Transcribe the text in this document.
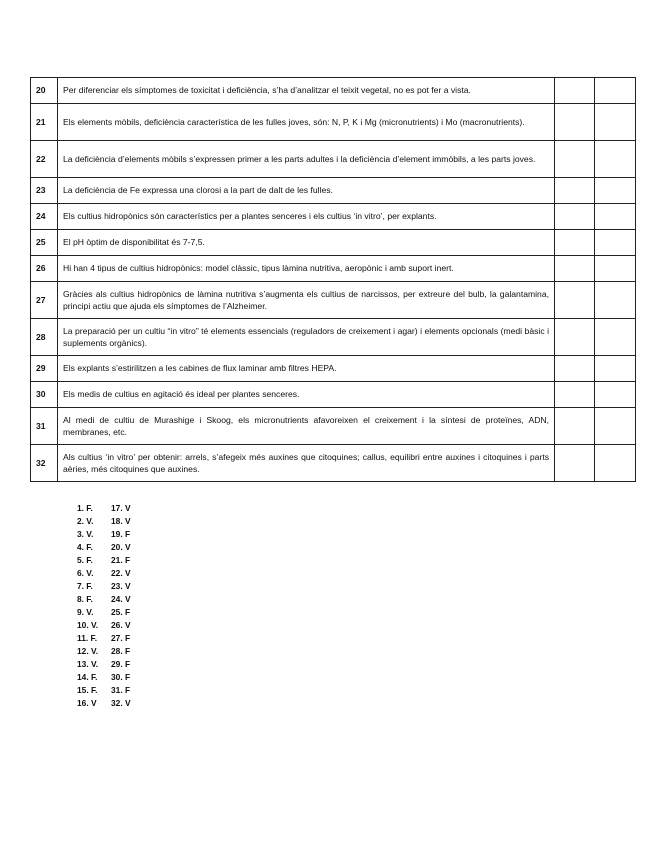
20	Per diferenciar els símptomes de toxicitat i deficiència, s’ha d’analitzar el teixit vegetal, no es pot fer a vista.		
21	Els elements mòbils, deficiència característica de les fulles joves, són: N, P, K i Mg (micronutrients) i Mo (macronutrients).		
22	La deficiència d’elements mòbils s’expressen primer a les parts adultes i la deficiència d’element immòbils, a les parts joves.		
23	La deficiència de Fe expressa una clorosi a la part de dalt de les fulles.		
24	Els cultius hidropònics són característics per a plantes senceres i els cultius ‘in vitro’, per explants.		
25	El pH òptim de disponibilitat és 7-7,5.		
26	Hi han 4 tipus de cultius hidropònics: model clàssic, tipus làmina nutritiva, aeropònic i amb suport inert.		
27	Gràcies als cultius hidropònics de làmina nutritiva s’augmenta els cultius de narcissos, per extreure del bulb, la galantamina, principi actiu que ajuda els símptomes de l’Alzheimer.		
28	La preparació per un cultiu “in vitro” té elements essencials (reguladors de creixement i agar) i elements opcionals (medi bàsic i suplements orgànics).		
29	Els explants s’estirilitzen a les cabines de flux laminar amb filtres HEPA.		
30	Els medis de cultius en agitació és ideal per plantes senceres.		
31	Al medi de cultiu de Murashige i Skoog, els micronutrients afavoreixen el creixement i la síntesi de proteïnes, ADN, membranes, etc.		
32	Als cultius ‘in vitro’ per obtenir: arrels, s’afegeix més auxines que citoquines; callus, equilibri entre auxines i citoquines i parts aèries, més citoquines que auxines.		
1. F.	17. V
2. V.	18. V
3. V.	19. F
4. F.	20. V
5. F.	21. F
6. V.	22. V
7. F.	23. V
8. F.	24. V
9. V.	25. F
10. V.	26. V
11. F.	27. F
12. V.	28. F
13. V.	29. F
14. F.	30. F
15. F.	31. F
16. V	32. V
